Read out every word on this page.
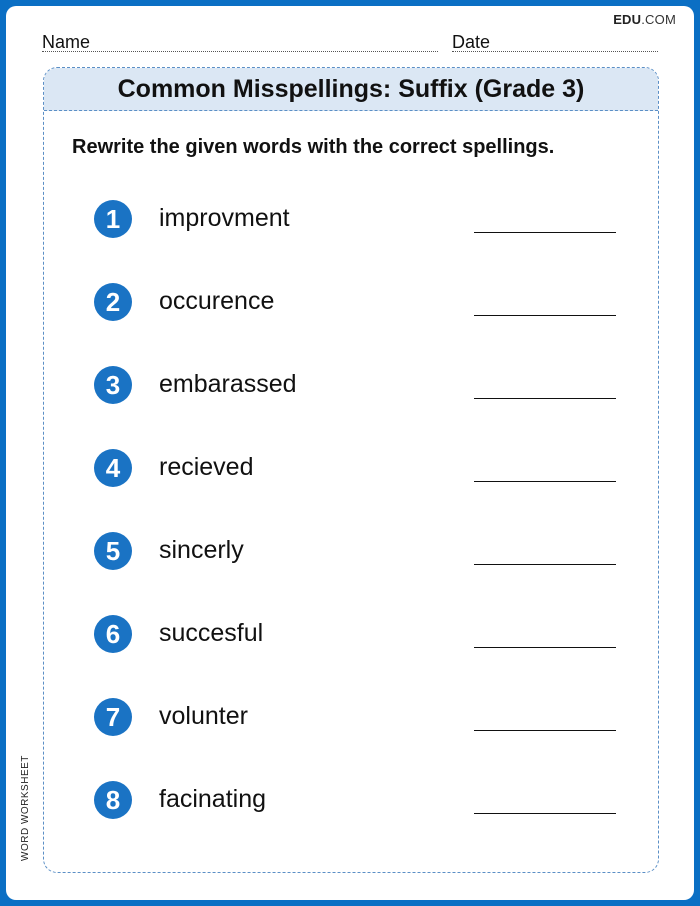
EDU.COM
Name	Date
Common Misspellings: Suffix (Grade 3)
Rewrite the given words with the correct spellings.
1	improvment
2	occurence
3	embarassed
4	recieved
5	sincerly
6	succesful
7	volunter
8	facinating
WORD WORKSHEET
